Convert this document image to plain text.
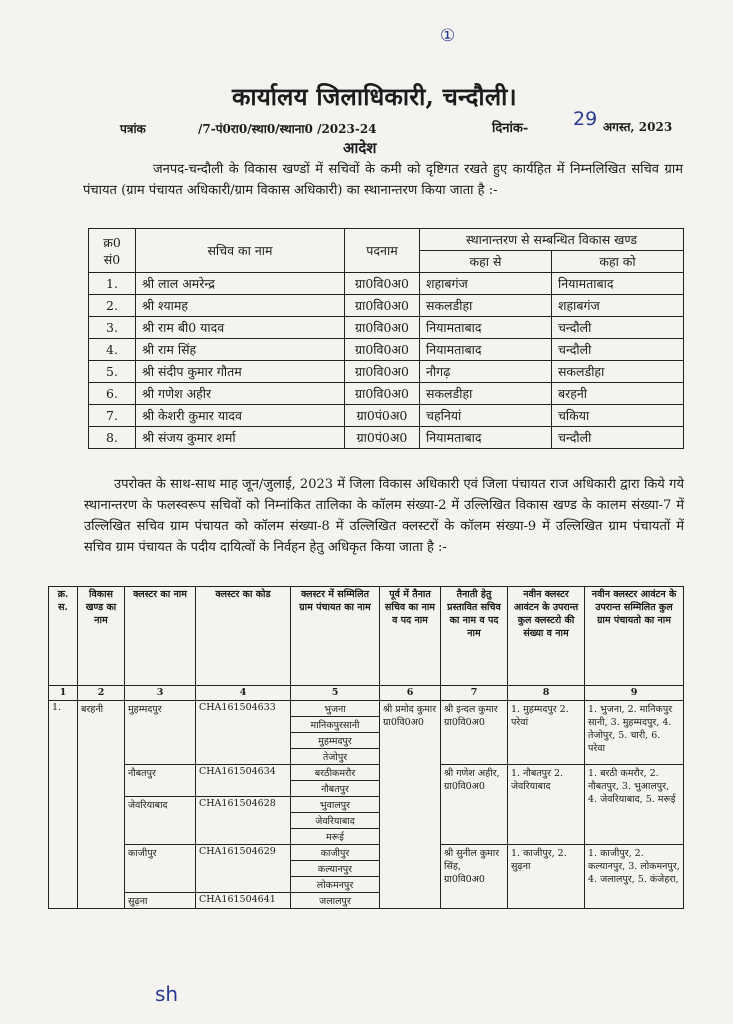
①
कार्यालय जिलाधिकारी, चन्दौली।
पत्रांक	/7-पं0रा0/स्था0/स्थाना0 /2023-24	दिनांक- 29 अगस्त, 2023
आदेश
जनपद-चन्दौली के विकास खण्डों में सचिवों के कमी को दृष्टिगत रखते हुए कार्यहित में निम्नलिखित सचिव ग्राम पंचायत (ग्राम पंचायत अधिकारी/ग्राम विकास अधिकारी) का स्थानान्तरण किया जाता है :-
क्र0 सं0	सचिव का नाम	पदनाम	स्थानान्तरण से सम्बन्धित विकास खण्ड	
			कहा से	कहा को
1.	श्री लाल अमरेन्द्र	ग्रा0वि0अ0	शहाबगंज	नियामताबाद
2.	श्री श्यामह	ग्रा0वि0अ0	सकलडीहा	शहाबगंज
3.	श्री राम बी0 यादव	ग्रा0वि0अ0	नियामताबाद	चन्दौली
4.	श्री राम सिंह	ग्रा0वि0अ0	नियामताबाद	चन्दौली
5.	श्री संदीप कुमार गौतम	ग्रा0वि0अ0	नौगढ़	सकलडीहा
6.	श्री गणेश अहीर	ग्रा0वि0अ0	सकलडीहा	बरहनी
7.	श्री केशरी कुमार यादव	ग्रा0पं0अ0	चहनियां	चकिया
8.	श्री संजय कुमार शर्मा	ग्रा0पं0अ0	नियामताबाद	चन्दौली
उपरोक्त के साथ-साथ माह जून/जुलाई, 2023 में जिला विकास अधिकारी एवं जिला पंचायत राज अधिकारी द्वारा किये गये स्थानान्तरण के फलस्वरूप सचिवों को निम्नांकित तालिका के कॉलम संख्या-2 में उल्लिखित विकास खण्ड के कालम संख्या-7 में उल्लिखित सचिव ग्राम पंचायत को कॉलम संख्या-8 में उल्लिखित क्लस्टरों के कॉलम संख्या-9 में उल्लिखित ग्राम पंचायतों में सचिव ग्राम पंचायत के पदीय दायित्वों के निर्वहन हेतु अधिकृत किया जाता है :-
क्र. स.	विकास खण्ड का नाम	क्लस्टर का नाम	क्लस्टर का कोड	क्लस्टर में सम्मिलित ग्राम पंचायत का नाम	पूर्व में तैनात सचिव का नाम व पद नाम	तैनाती हेतु प्रस्तावित सचिव का नाम व पद नाम	नवीन क्लस्टर आवंटन के उपरान्त कुल क्लस्टरो की संख्या व नाम	नवीन क्लस्टर आवंटन के उपरान्त सम्मिलित कुल ग्राम पंचायतो का नाम
1	2	3	4	5	6	7	8	9
1.	बरहनी	मुहम्मदपुर	CHA161504633	भुजना	श्री प्रमोद कुमार ग्रा0वि0अ0	श्री इन्दल कुमार ग्रा0वि0अ0	1. मुहम्मदपुर 2. परेवां	1. भुजना, 2. मानिकपुर सानी, 3. मुहम्मदपुर, 4. तेजोपुर, 5. चारी, 6. परेवा
				मानिकपुरसानी				
				मुहम्मदपुर				
				तेजोपुर				
		नौबतपुर	CHA161504634	बरठीकमरौर		श्री गणेश अहीर, ग्रा0वि0अ0	1. नौबतपुर 2. जेवरियाबाद	1. बरठी कमरौर, 2. नौबतपुर, 3. भुआलपुर, 4. जेवरियाबाद, 5. मरूई
				नौबतपुर				
		जेवरियाबाद	CHA161504628	भुवालपुर				
				जेवरियाबाद				
				मरूई				
		काजीपुर	CHA161504629	काजीपुर		श्री सुनील कुमार सिंह, ग्रा0वि0अ0	1. काजीपुर, 2. सुढ़ना	1. काजीपुर, 2. कल्यानपुर, 3. लोकमनपुर, 4. जलालपुर, 5. कंजेहरा,
				कल्यानपुर				
				लोकमनपुर				
		सुढ़ना	CHA161504641	जलालपुर				
sh
